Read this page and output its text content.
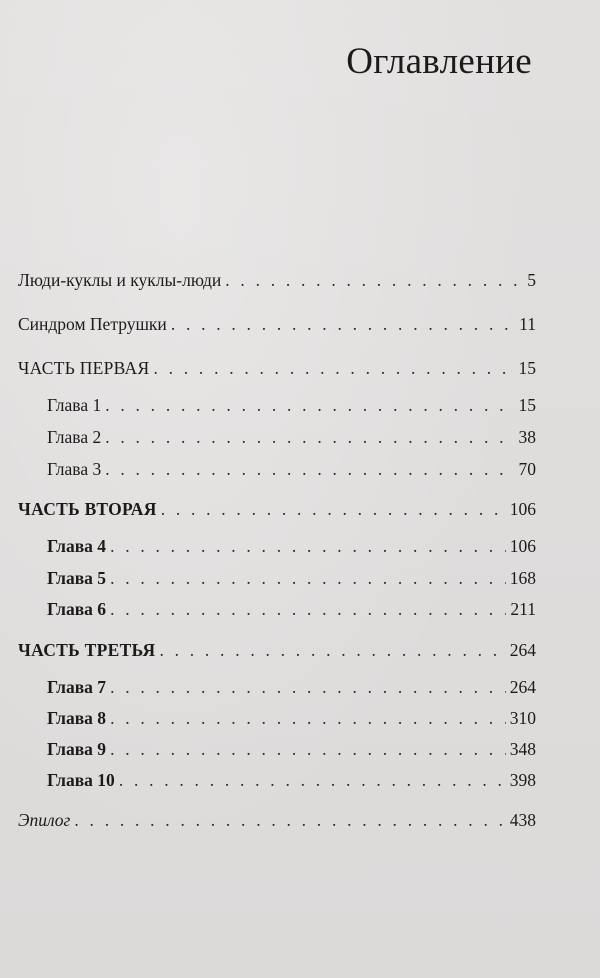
Оглавление
Люди-куклы и куклы-люди . . .	5
Синдром Петрушки . . .	11
ЧАСТЬ ПЕРВАЯ . . .	15
Глава 1 . . .	15
Глава 2 . . .	38
Глава 3 . . .	70
ЧАСТЬ ВТОРАЯ . . .	106
Глава 4 . . .	106
Глава 5 . . .	168
Глава 6 . . .	211
ЧАСТЬ ТРЕТЬЯ . . .	264
Глава 7 . . .	264
Глава 8 . . .	310
Глава 9 . . .	348
Глава 10 . . .	398
Эпилог . . .	438
